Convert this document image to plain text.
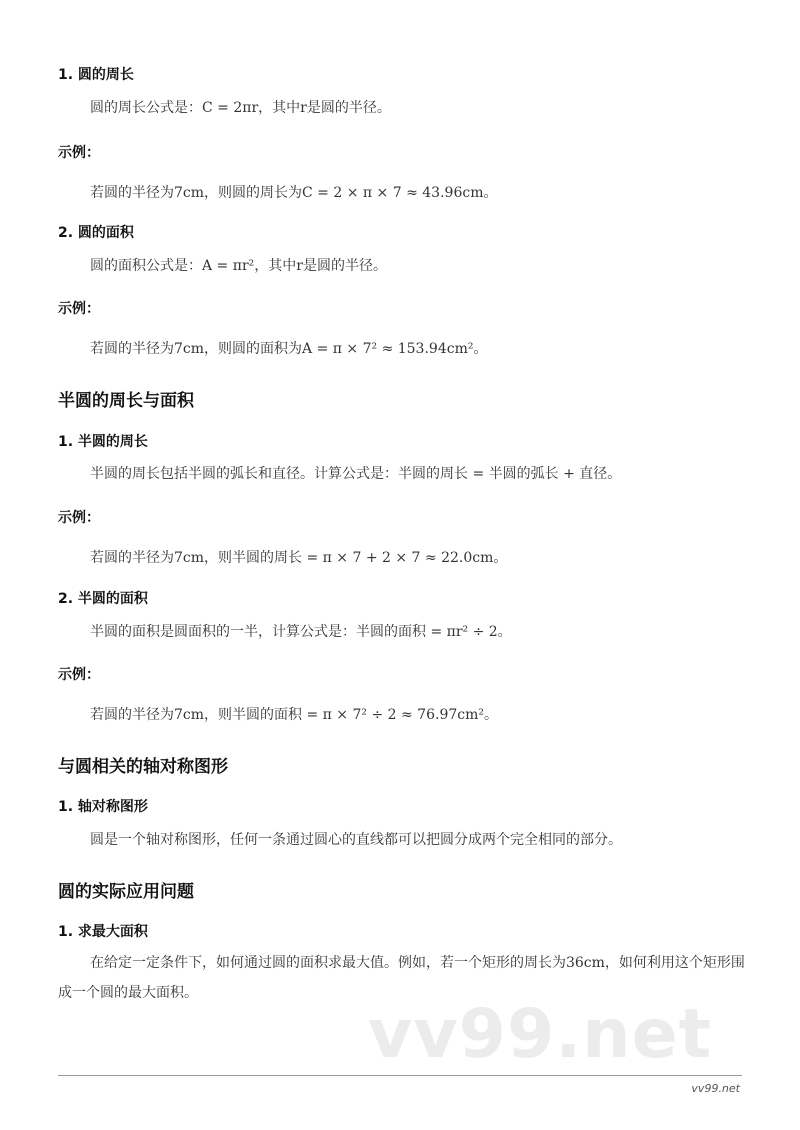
1. 圆的周长
圆的周长公式是：C = 2πr，其中r是圆的半径。
示例：
若圆的半径为7cm，则圆的周长为C = 2 × π × 7 ≈ 43.96cm。
2. 圆的面积
圆的面积公式是：A = πr²，其中r是圆的半径。
示例：
若圆的半径为7cm，则圆的面积为A = π × 7² ≈ 153.94cm²。
半圆的周长与面积
1. 半圆的周长
半圆的周长包括半圆的弧长和直径。计算公式是：半圆的周长 = 半圆的弧长 + 直径。
示例：
若圆的半径为7cm，则半圆的周长 = π × 7 + 2 × 7 ≈ 22.0cm。
2. 半圆的面积
半圆的面积是圆面积的一半，计算公式是：半圆的面积 = πr² ÷ 2。
示例：
若圆的半径为7cm，则半圆的面积 = π × 7² ÷ 2 ≈ 76.97cm²。
与圆相关的轴对称图形
1. 轴对称图形
圆是一个轴对称图形，任何一条通过圆心的直线都可以把圆分成两个完全相同的部分。
圆的实际应用问题
1. 求最大面积
在给定一定条件下，如何通过圆的面积求最大值。例如，若一个矩形的周长为36cm，如何利用这个矩形围成一个圆的最大面积。
vv99.net
vv99.net
